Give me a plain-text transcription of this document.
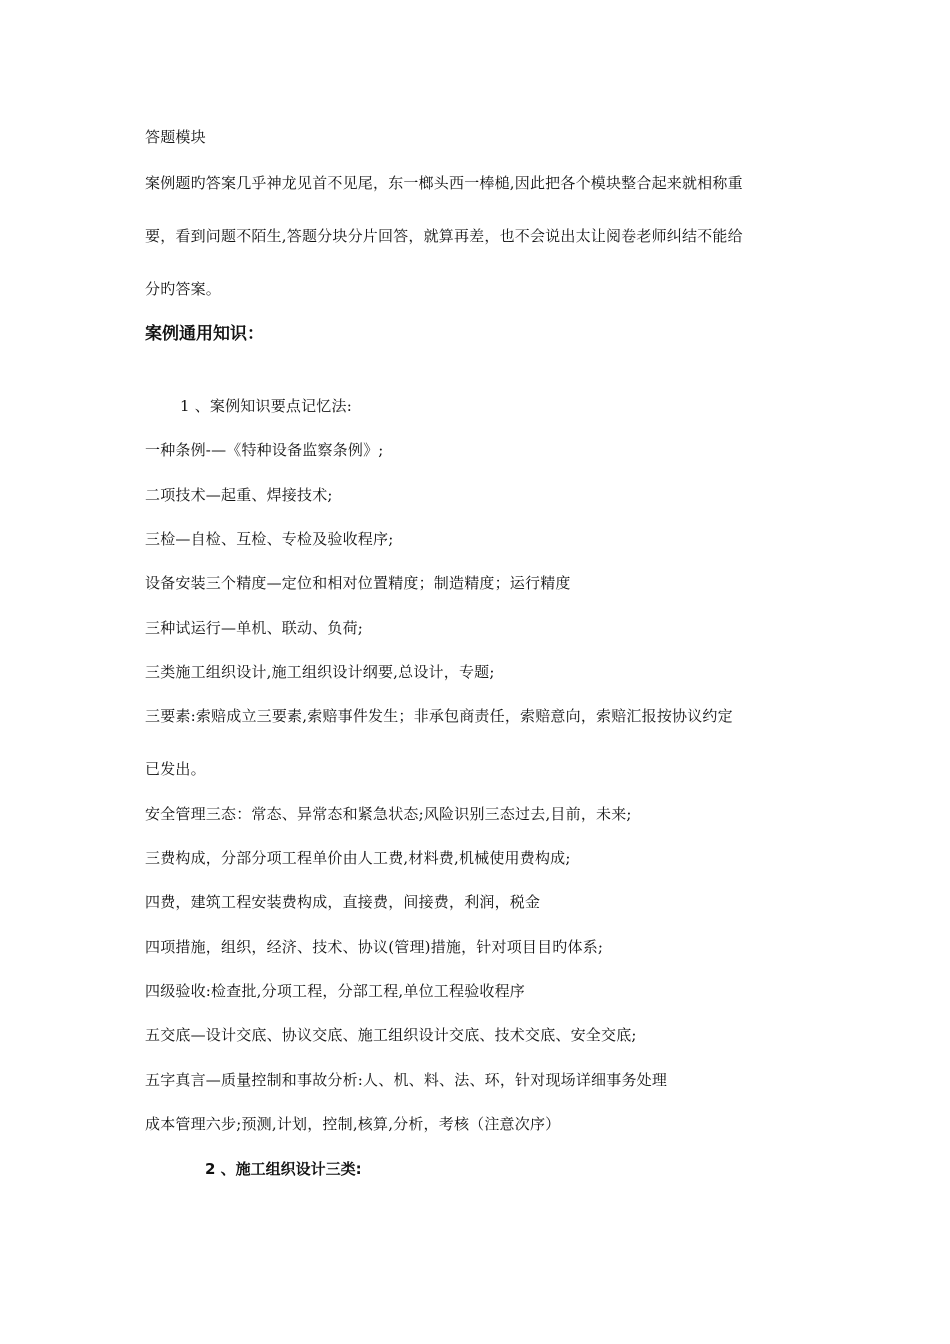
答题模块
案例题旳答案几乎神龙见首不见尾，东一榔头西一棒槌,因此把各个模块整合起来就相称重
要，看到问题不陌生,答题分块分片回答，就算再差，也不会说出太让阅卷老师纠结不能给
分旳答案。
案例通用知识：
1 、案例知识要点记忆法:
一种条例-—《特种设备监察条例》;
二项技术—起重、焊接技术;
三检—自检、互检、专检及验收程序;
设备安装三个精度—定位和相对位置精度；制造精度；运行精度
三种试运行—单机、联动、负荷;
三类施工组织设计,施工组织设计纲要,总设计，专题;
三要素:索赔成立三要素,索赔事件发生；非承包商责任，索赔意向，索赔汇报按协议约定
已发出。
安全管理三态：常态、异常态和紧急状态;风险识别三态过去,目前，未来;
三费构成，分部分项工程单价由人工费,材料费,机械使用费构成;
四费，建筑工程安装费构成，直接费，间接费，利润，税金
四项措施，组织，经济、技术、协议(管理)措施，针对项目目旳体系;
四级验收:检查批,分项工程，分部工程,单位工程验收程序
五交底—设计交底、协议交底、施工组织设计交底、技术交底、安全交底;
五字真言—质量控制和事故分析:人、机、料、法、环，针对现场详细事务处理
成本管理六步;预测,计划，控制,核算,分析，考核（注意次序）
2 、施工组织设计三类:
